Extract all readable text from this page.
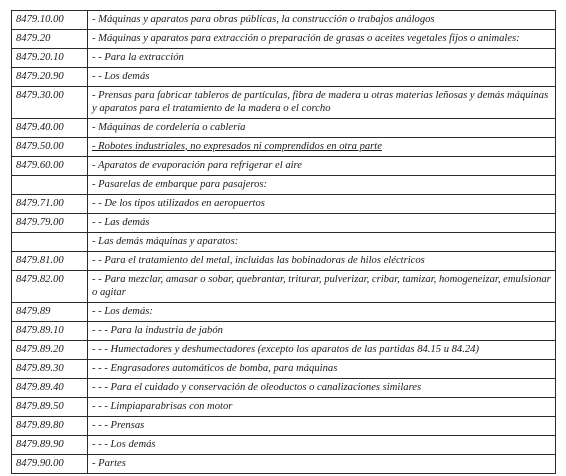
8479.10.00	- Máquinas y aparatos para obras públicas, la construcción o trabajos análogos
8479.20	- Máquinas y aparatos para extracción o preparación de grasas o aceites vegetales fijos o animales:
8479.20.10	- - Para la extracción
8479.20.90	- - Los demás
8479.30.00	- Prensas para fabricar tableros de partículas, fibra de madera u otras materias leñosas y demás máquinas y aparatos para el tratamiento de la madera o el corcho
8479.40.00	- Máquinas de cordelería o cablería
8479.50.00	- Robotes industriales, no expresados ni comprendidos en otra parte
8479.60.00	- Aparatos de evaporación para refrigerar el aire
	- Pasarelas de embarque para pasajeros:
8479.71.00	- - De los tipos utilizados en aeropuertos
8479.79.00	- - Las demás
	- Las demás máquinas y aparatos:
8479.81.00	- - Para el tratamiento del metal, incluidas las bobinadoras de hilos eléctricos
8479.82.00	- - Para mezclar, amasar o sobar, quebrantar, triturar, pulverizar, cribar, tamizar, homogeneizar, emulsionar o agitar
8479.89	- - Los demás:
8479.89.10	- - - Para la industria de jabón
8479.89.20	- - - Humectadores y deshumectadores (excepto los aparatos de las partidas 84.15 u 84.24)
8479.89.30	- - - Engrasadores automáticos de bomba, para máquinas
8479.89.40	- - - Para el cuidado y conservación de oleoductos o canalizaciones similares
8479.89.50	- - - Limpiaparabrisas con motor
8479.89.80	- - - Prensas
8479.89.90	- - - Los demás
8479.90.00	- Partes
